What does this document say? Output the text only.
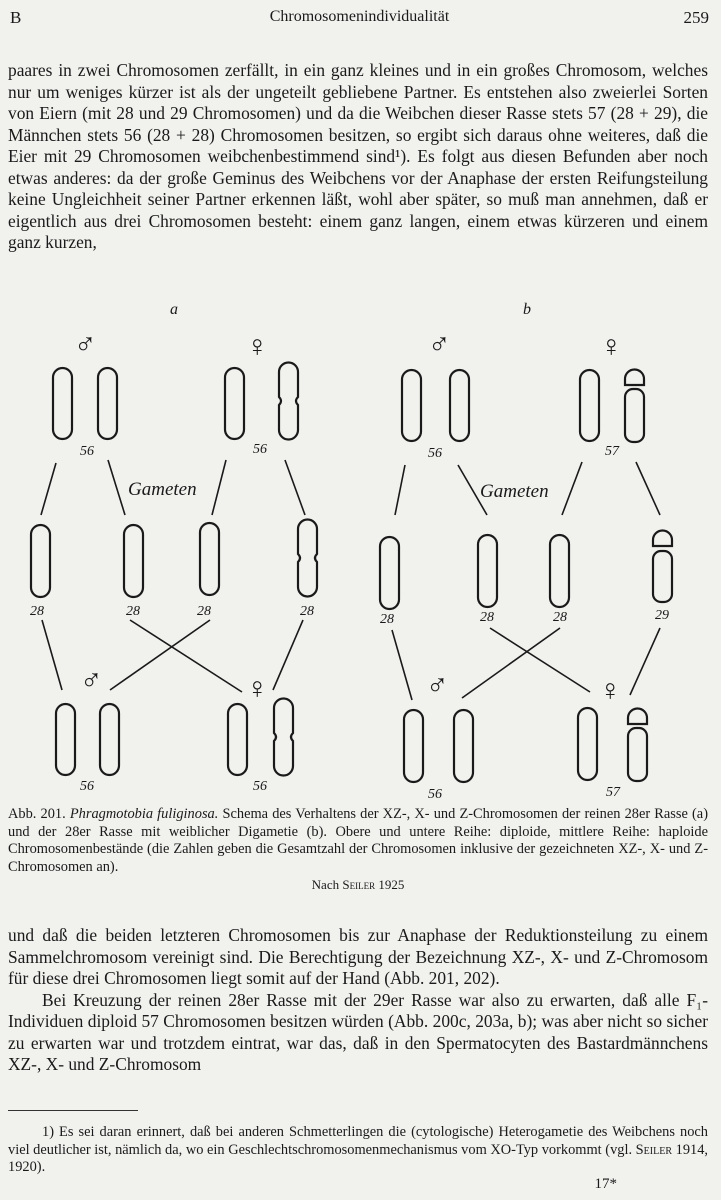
B	Chromosomenindividualität	259

paares in zwei Chromosomen zerfällt, in ein ganz kleines und in ein großes Chromosom, welches nur um weniges kürzer ist als der ungeteilt gebliebene Partner. Es entstehen also zweierlei Sorten von Eiern (mit 28 und 29 Chromosomen) und da die Weibchen dieser Rasse stets 57 (28 + 29), die Männchen stets 56 (28 + 28) Chromosomen besitzen, so ergibt sich daraus ohne weiteres, daß die Eier mit 29 Chromosomen weibchenbestimmend sind¹). Es folgt aus diesen Befunden aber noch etwas anderes: da der große Geminus des Weibchens vor der Anaphase der ersten Reifungsteilung keine Ungleichheit seiner Partner erkennen läßt, wohl aber später, so muß man annehmen, daß er eigentlich aus drei Chromosomen besteht: einem ganz langen, einem etwas kürzeren und einem ganz kurzen,

a	b
♂	♀
56	56
Gameten
28	28	28	28
♂	♀
56	56
♂	♀
56	57
Gameten
28	28	28	29
♂	♀
56	57
Abb. 201. Phragmotobia fuliginosa. Schema des Verhaltens der XZ-, X- und Z-Chromosomen der reinen 28er Rasse (a) und der 28er Rasse mit weiblicher Digametie (b). Obere und untere Reihe: diploide, mittlere Reihe: haploide Chromosomenbestände (die Zahlen geben die Gesamtzahl der Chromosomen inklusive der gezeichneten XZ-, X- und Z-Chromosomen an).
Nach Seiler 1925

und daß die beiden letzteren Chromosomen bis zur Anaphase der Reduktionsteilung zu einem Sammelchromosom vereinigt sind. Die Berechtigung der Bezeichnung XZ-, X- und Z-Chromosom für diese drei Chromosomen liegt somit auf der Hand (Abb. 201, 202).

Bei Kreuzung der reinen 28er Rasse mit der 29er Rasse war also zu erwarten, daß alle F₁-Individuen diploid 57 Chromosomen besitzen würden (Abb. 200c, 203a, b); was aber nicht so sicher zu erwarten war und trotzdem eintrat, war das, daß in den Spermatocyten des Bastardmännchens XZ-, X- und Z-Chromosom

1) Es sei daran erinnert, daß bei anderen Schmetterlingen die (cytologische) Heterogametie des Weibchens noch viel deutlicher ist, nämlich da, wo ein Geschlechtschromosomenmechanismus vom XO-Typ vorkommt (vgl. Seiler 1914, 1920).
17*
